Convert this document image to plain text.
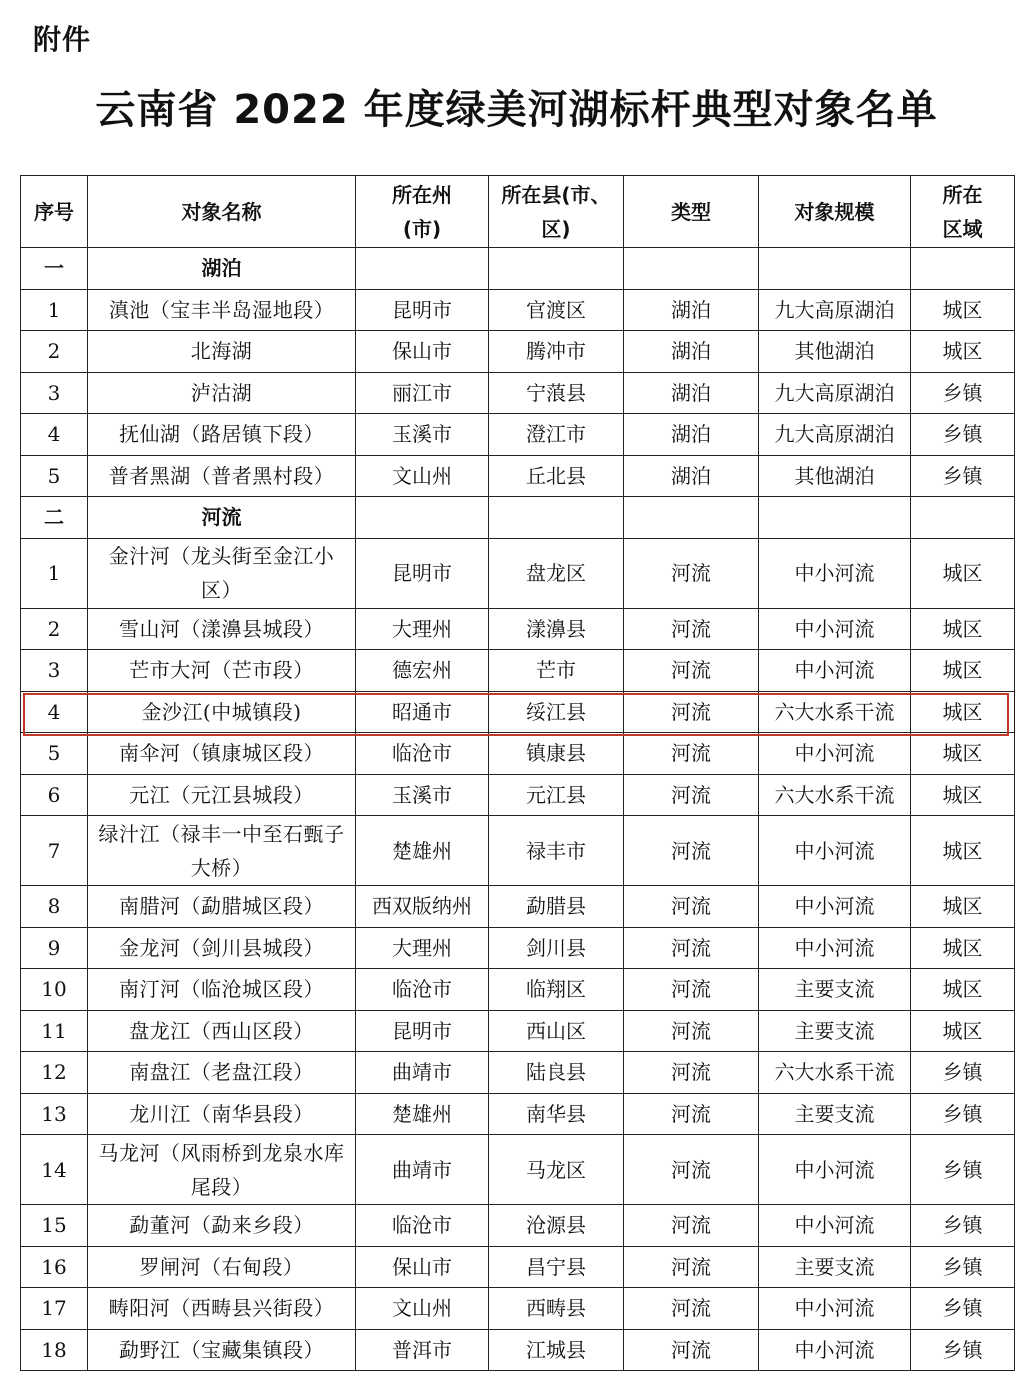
附件
云南省 2022 年度绿美河湖标杆典型对象名单
序号	对象名称	所在州(市)	所在县(市、区)	类型	对象规模	所在区域
一	湖泊					
1	滇池（宝丰半岛湿地段）	昆明市	官渡区	湖泊	九大高原湖泊	城区
2	北海湖	保山市	腾冲市	湖泊	其他湖泊	城区
3	泸沽湖	丽江市	宁蒗县	湖泊	九大高原湖泊	乡镇
4	抚仙湖（路居镇下段）	玉溪市	澄江市	湖泊	九大高原湖泊	乡镇
5	普者黑湖（普者黑村段）	文山州	丘北县	湖泊	其他湖泊	乡镇
二	河流					
1	金汁河（龙头街至金江小区）	昆明市	盘龙区	河流	中小河流	城区
2	雪山河（漾濞县城段）	大理州	漾濞县	河流	中小河流	城区
3	芒市大河（芒市段）	德宏州	芒市	河流	中小河流	城区
4	金沙江(中城镇段)	昭通市	绥江县	河流	六大水系干流	城区
5	南伞河（镇康城区段）	临沧市	镇康县	河流	中小河流	城区
6	元江（元江县城段）	玉溪市	元江县	河流	六大水系干流	城区
7	绿汁江（禄丰一中至石甄子大桥）	楚雄州	禄丰市	河流	中小河流	城区
8	南腊河（勐腊城区段）	西双版纳州	勐腊县	河流	中小河流	城区
9	金龙河（剑川县城段）	大理州	剑川县	河流	中小河流	城区
10	南汀河（临沧城区段）	临沧市	临翔区	河流	主要支流	城区
11	盘龙江（西山区段）	昆明市	西山区	河流	主要支流	城区
12	南盘江（老盘江段）	曲靖市	陆良县	河流	六大水系干流	乡镇
13	龙川江（南华县段）	楚雄州	南华县	河流	主要支流	乡镇
14	马龙河（风雨桥到龙泉水库尾段）	曲靖市	马龙区	河流	中小河流	乡镇
15	勐董河（勐来乡段）	临沧市	沧源县	河流	中小河流	乡镇
16	罗闸河（右甸段）	保山市	昌宁县	河流	主要支流	乡镇
17	畴阳河（西畴县兴街段）	文山州	西畴县	河流	中小河流	乡镇
18	勐野江（宝藏集镇段）	普洱市	江城县	河流	中小河流	乡镇
